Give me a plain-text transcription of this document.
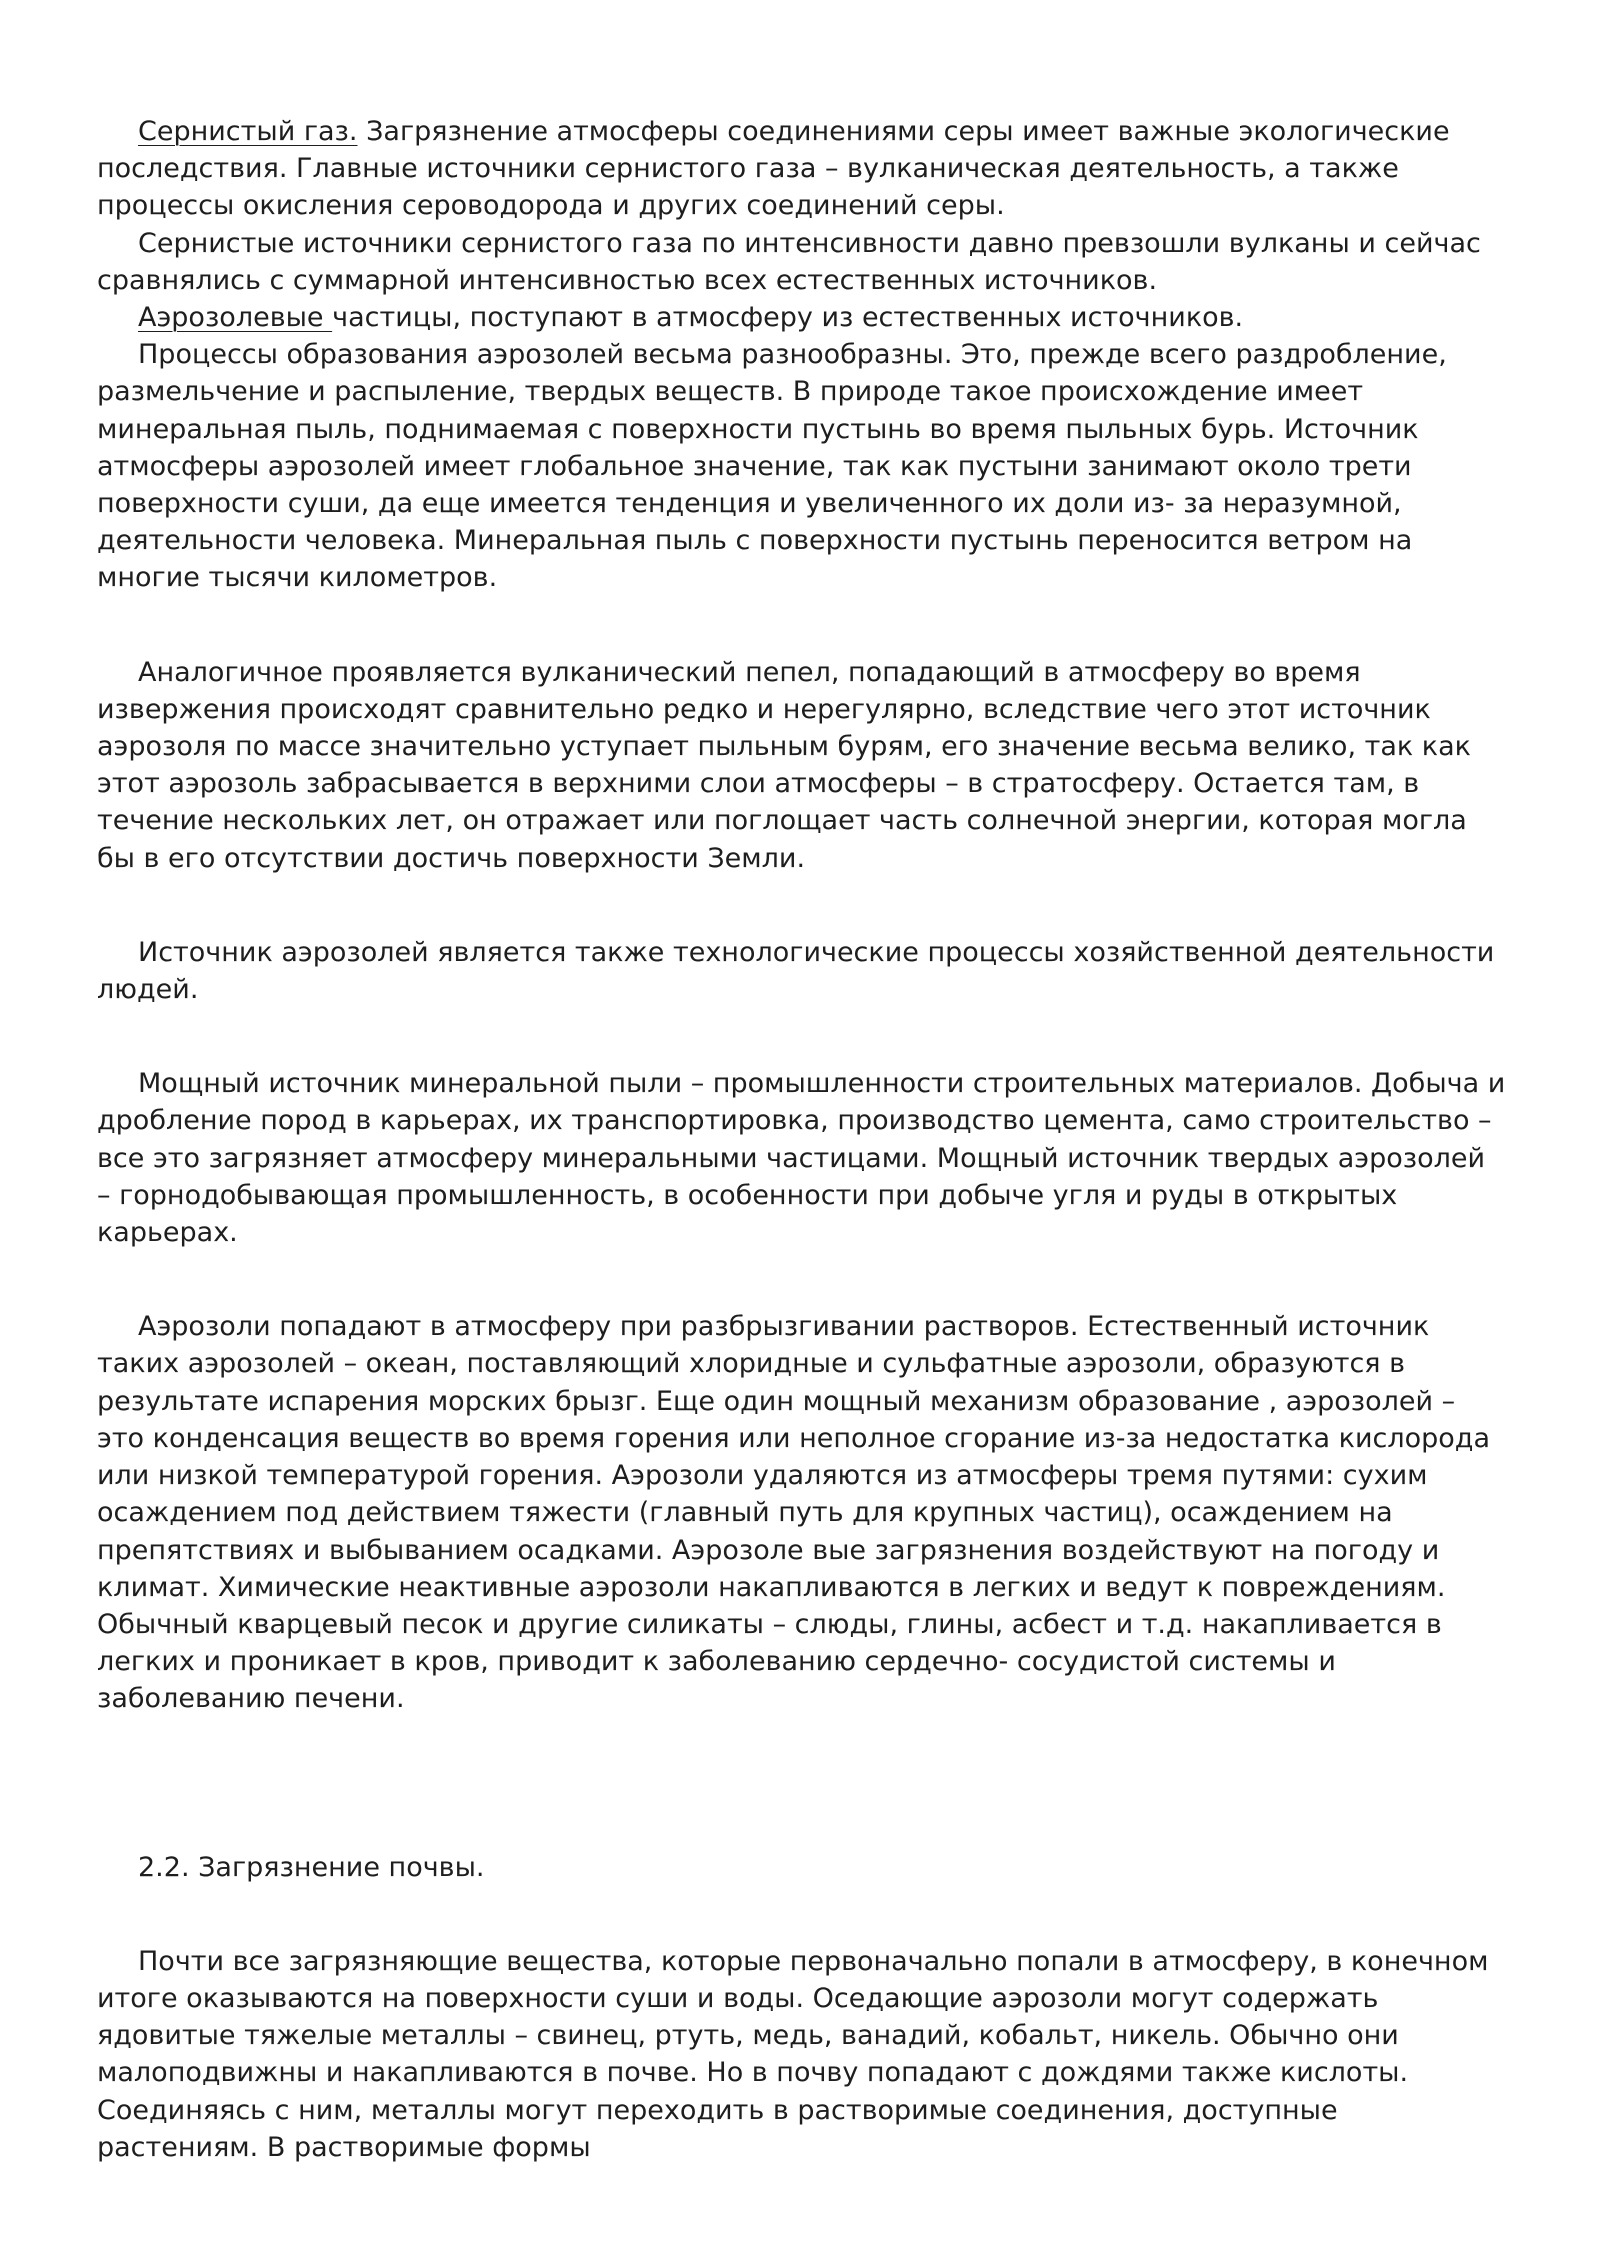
Сернистый газ. Загрязнение атмосферы соединениями серы имеет важные экологические последствия. Главные источники сернистого газа – вулканическая деятельность, а также процессы окисления сероводорода и других соединений серы.

Сернистые источники сернистого газа по интенсивности давно превзошли вулканы и сейчас сравнялись с суммарной интенсивностью всех естественных источников.

Аэрозолевые частицы, поступают в атмосферу из естественных источников.

Процессы образования аэрозолей весьма разнообразны. Это, прежде всего раздробление, размельчение и распыление, твердых веществ. В природе такое происхождение имеет минеральная пыль, поднимаемая с поверхности пустынь во время пыльных бурь. Источник атмосферы аэрозолей имеет глобальное значение, так как пустыни занимают около трети поверхности суши, да еще имеется тенденция и увеличенного их доли из- за неразумной, деятельности человека. Минеральная пыль с поверхности пустынь переносится ветром на многие тысячи километров.

Аналогичное проявляется вулканический пепел, попадающий в атмосферу во время извержения происходят сравнительно редко и нерегулярно, вследствие чего этот источник аэрозоля по массе значительно уступает пыльным бурям, его значение весьма велико, так как этот аэрозоль забрасывается в верхними слои атмосферы – в стратосферу. Остается там, в течение нескольких лет, он отражает или поглощает часть солнечной энергии, которая могла бы в его отсутствии достичь поверхности Земли.

Источник аэрозолей является также технологические процессы хозяйственной деятельности людей.

Мощный источник минеральной пыли – промышленности строительных материалов. Добыча и дробление пород в карьерах, их транспортировка, производство цемента, само строительство – все это загрязняет атмосферу минеральными частицами. Мощный источник твердых аэрозолей – горнодобывающая промышленность, в особенности при добыче угля и руды в открытых карьерах.

Аэрозоли попадают в атмосферу при разбрызгивании растворов. Естественный источник таких аэрозолей – океан, поставляющий хлоридные и сульфатные аэрозоли, образуются в результате испарения морских брызг. Еще один мощный механизм образование , аэрозолей – это конденсация веществ во время горения или неполное сгорание из-за недостатка кислорода или низкой температурой горения. Аэрозоли удаляются из атмосферы тремя путями: сухим осаждением под действием тяжести (главный путь для крупных частиц), осаждением на препятствиях и выбыванием осадками. Аэрозоле вые загрязнения воздействуют на погоду и климат. Химические неактивные аэрозоли накапливаются в легких и ведут к повреждениям. Обычный кварцевый песок и другие силикаты – слюды, глины, асбест и т.д. накапливается в легких и проникает в кров, приводит к заболеванию сердечно- сосудистой системы и заболеванию печени.

2.2. Загрязнение почвы.

Почти все загрязняющие вещества, которые первоначально попали в атмосферу, в конечном итоге оказываются на поверхности суши и воды. Оседающие аэрозоли могут содержать ядовитые тяжелые металлы – свинец, ртуть, медь, ванадий, кобальт, никель. Обычно они малоподвижны и накапливаются в почве. Но в почву попадают с дождями также кислоты. Соединяясь с ним, металлы могут переходить в растворимые соединения, доступные растениям. В растворимые формы
